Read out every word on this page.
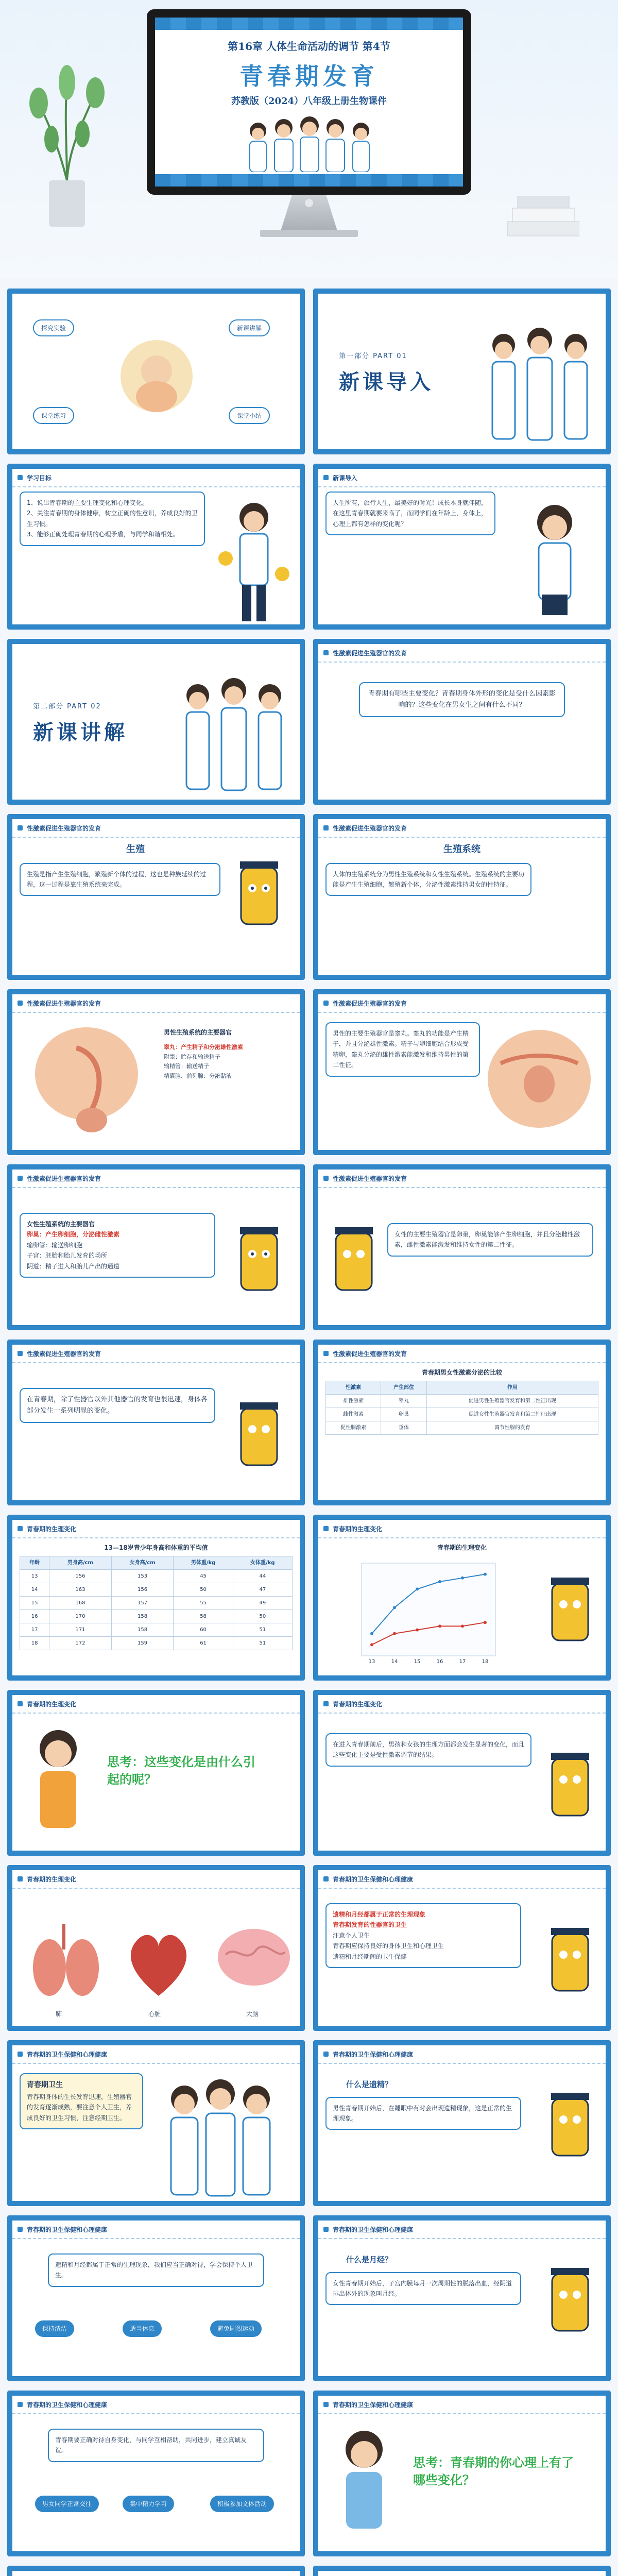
第16章 人体生命活动的调节 第4节
青春期发育
苏教版（2024）八年级上册生物课件
探究实验	新课讲解
课堂练习	课堂小结
第一部分 PART 01
新课导入
学习目标
1、说出青春期的主要生理变化和心理变化。
2、关注青春期的身体健康，树立正确的性意识，养成良好的卫生习惯。
3、能够正确处理青春期的心理矛盾，与同学和谐相处。
新课导入
人生所有，旅行人生，最美好的时光！成长本身就伴随，在这里青春期就要来临了，而同学们在年龄上，身体上，心理上都有怎样的变化呢？
第二部分 PART 02
新课讲解
性激素促进生殖器官的发育
青春期有哪些主要变化？青春期身体外形的变化是受什么因素影响的？这些变化在男女生之间有什么不同？
性激素促进生殖器官的发育
生殖
生殖是指产生生殖细胞，繁殖新个体的过程，这也是种族延续的过程，这一过程是靠生殖系统来完成。
性激素促进生殖器官的发育
生殖系统
人体的生殖系统分为男性生殖系统和女性生殖系统。生殖系统的主要功能是产生生殖细胞，繁殖新个体，分泌性激素维持男女的性特征。
性激素促进生殖器官的发育
男性生殖系统的主要器官
睾丸：产生精子和分泌雄性激素
附睾：贮存和输送精子
输精管：输送精子
精囊腺、前列腺：分泌黏液
性激素促进生殖器官的发育
男性的主要生殖器官是睾丸。睾丸的功能是产生精子，并且分泌雄性激素。精子与卵细胞结合形成受精卵，睾丸分泌的雄性激素能激发和维持男性的第二性征。
性激素促进生殖器官的发育
女性生殖系统的主要器官
卵巢：产生卵细胞，分泌雌性激素
输卵管：输送卵细胞
子宫：胚胎和胎儿发育的场所
阴道：精子进入和胎儿产出的通道
性激素促进生殖器官的发育
女性的主要生殖器官是卵巢，卵巢能够产生卵细胞，并且分泌雌性激素，雌性激素能激发和维持女性的第二性征。
性激素促进生殖器官的发育
在青春期，除了性器官以外其他器官的发育也很迅速，身体各部分发生一系列明显的变化。
性激素促进生殖器官的发育
青春期男女性激素分泌的比较
性激素	产生部位	作用
雄性激素	睾丸	促进男性生殖器官发育和第二性征出现
雌性激素	卵巢	促进女性生殖器官发育和第二性征出现
促性腺激素	垂体	调节性腺的发育
青春期的生理变化
13—18岁青少年身高和体重的平均值
年龄	男身高/cm	女身高/cm	男体重/kg	女体重/kg
13	156	153	45	44
14	163	156	50	47
15	168	157	55	49
16	170	158	58	50
17	171	158	60	51
18	172	159	61	51
青春期的生理变化
青春期的生理变化
13	14	15	16	17	18
青春期的生理变化
思考：这些变化是由什么引起的呢？
青春期的生理变化
在进入青春期前后，男孩和女孩的生理方面都会发生显著的变化，而且这些变化主要是受性激素调节的结果。
青春期的生理变化
肺	心脏	大脑
青春期的卫生保健和心理健康
遗精和月经都属于正常的生理现象
青春期发育的性器官的卫生
注意个人卫生
青春期应保持良好的身体卫生和心理卫生
遗精和月经期间的卫生保健
青春期的卫生保健和心理健康
青春期卫生
青春期身体的生长发育迅速，生殖器官的发育逐渐成熟，要注意个人卫生，养成良好的卫生习惯，注意经期卫生。
青春期的卫生保健和心理健康
什么是遗精？
男性青春期开始后，在睡眠中有时会出现遗精现象，这是正常的生理现象。
青春期的卫生保健和心理健康
遗精和月经都属于正常的生理现象，我们应当正确对待，学会保持个人卫生。
保持清洁	适当休息	避免剧烈运动
青春期的卫生保健和心理健康
什么是月经？
女性青春期开始后，子宫内膜每月一次周期性的脱落出血，经阴道排出体外的现象叫月经。
青春期的卫生保健和心理健康
青春期要正确对待自身变化，与同学互相帮助，共同进步，建立真诚友谊。
男女同学正常交往	集中精力学习	积极参加文体活动
青春期的卫生保健和心理健康
思考：青春期的你心理上有了哪些变化？
